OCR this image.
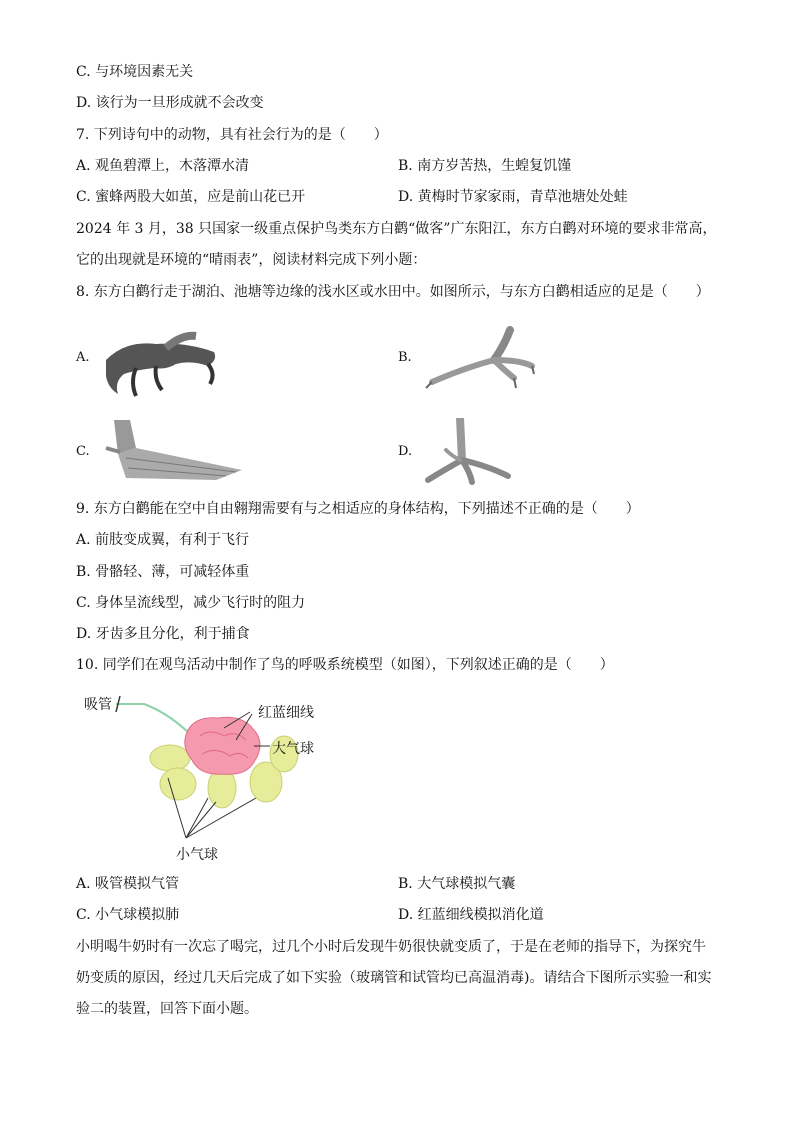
C. 与环境因素无关
D. 该行为一旦形成就不会改变
7. 下列诗句中的动物，具有社会行为的是（　　）
A. 观鱼碧潭上，木落潭水清	B. 南方岁苦热，生蝗复饥馑
C. 蜜蜂两股大如茧，应是前山花已开	D. 黄梅时节家家雨，青草池塘处处蛙
2024 年 3 月，38 只国家一级重点保护鸟类东方白鹳“做客”广东阳江，东方白鹳对环境的要求非常高，
它的出现就是环境的“晴雨表”，阅读材料完成下列小题：
8. 东方白鹳行走于湖泊、池塘等边缘的浅水区或水田中。如图所示，与东方白鹳相适应的足是（　　）
A.	B.
C.	D.
9. 东方白鹳能在空中自由翱翔需要有与之相适应的身体结构，下列描述不正确的是（　　）
A. 前肢变成翼，有利于飞行
B. 骨骼轻、薄，可减轻体重
C. 身体呈流线型，减少飞行时的阻力
D. 牙齿多且分化，利于捕食
10. 同学们在观鸟活动中制作了鸟的呼吸系统模型（如图），下列叙述正确的是（　　）
吸管	红蓝细线
大气球
小气球
A. 吸管模拟气管	B. 大气球模拟气囊
C. 小气球模拟肺	D. 红蓝细线模拟消化道
小明喝牛奶时有一次忘了喝完，过几个小时后发现牛奶很快就变质了，于是在老师的指导下，为探究牛
奶变质的原因，经过几天后完成了如下实验（玻璃管和试管均已高温消毒)。请结合下图所示实验一和实
验二的装置，回答下面小题。
